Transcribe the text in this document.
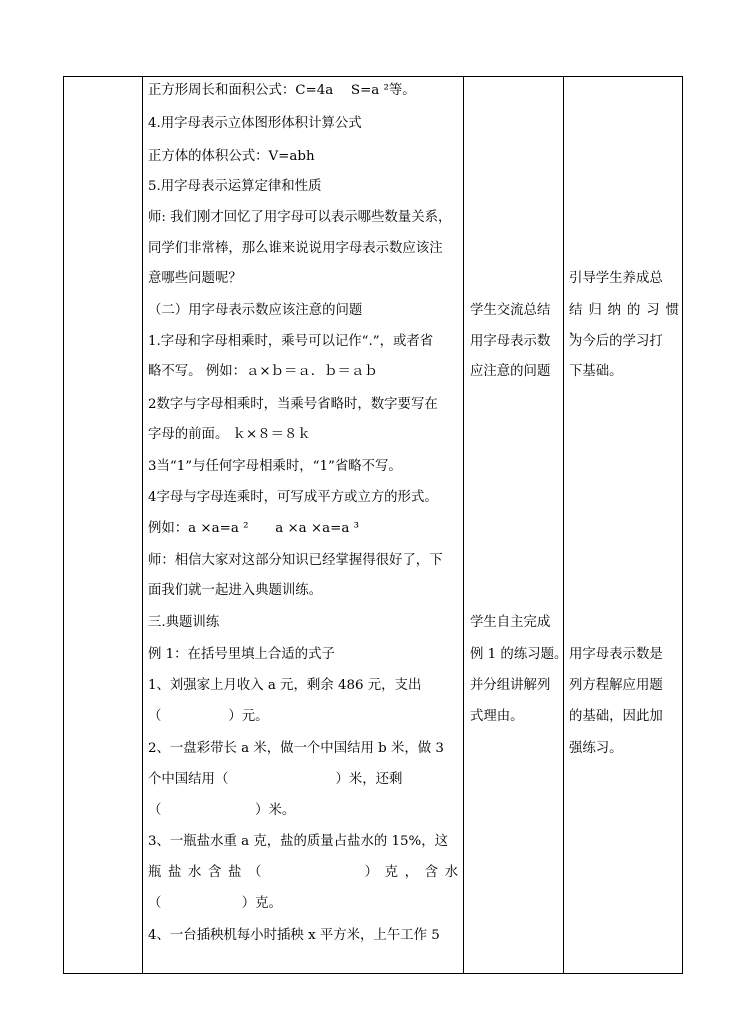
正方形周长和面积公式：C=4a　 S=a ²等。
4.用字母表示立体图形体积计算公式
正方体的体积公式：V=abh
5.用字母表示运算定律和性质
师: 我们刚才回忆了用字母可以表示哪些数量关系，
同学们非常棒，那么谁来说说用字母表示数应该注
意哪些问题呢？
（二）用字母表示数应该注意的问题
1.字母和字母相乘时，乘号可以记作“.”，或者省
略不写。 例如：ａ×ｂ＝ａ．ｂ＝ａｂ
2数字与字母相乘时，当乘号省略时，数字要写在
字母的前面。 ｋ×８＝８ｋ
3当“1”与任何字母相乘时，“1”省略不写。
4字母与字母连乘时，可写成平方或立方的形式。
例如：a ×a=a ²　　a ×a ×a=a ³
师：相信大家对这部分知识已经掌握得很好了，下
面我们就一起进入典题训练。
三.典题训练
例 1：在括号里填上合适的式子
1、刘强家上月收入 a 元，剩余 486 元，支出
（　　　　　）元。
2、一盘彩带长 a 米，做一个中国结用 b 米，做 3
个中国结用（　　　　　　　　）米，还剩
（　　　　　　　）米。
3、一瓶盐水重 a 克，盐的质量占盐水的 15%，这
瓶 盐 水 含 盐 （　　　　　　　） 克 ， 含 水
（　　　　　　）克。
4、一台插秧机每小时插秧 x 平方米，上午工作 5
学生交流总结
用字母表示数
应注意的问题
学生自主完成
例 1 的练习题。
并分组讲解列
式理由。
引导学生养成总
结 归 纳 的 习 惯 ，
为今后的学习打
下基础。
用字母表示数是
列方程解应用题
的基础，因此加
强练习。
